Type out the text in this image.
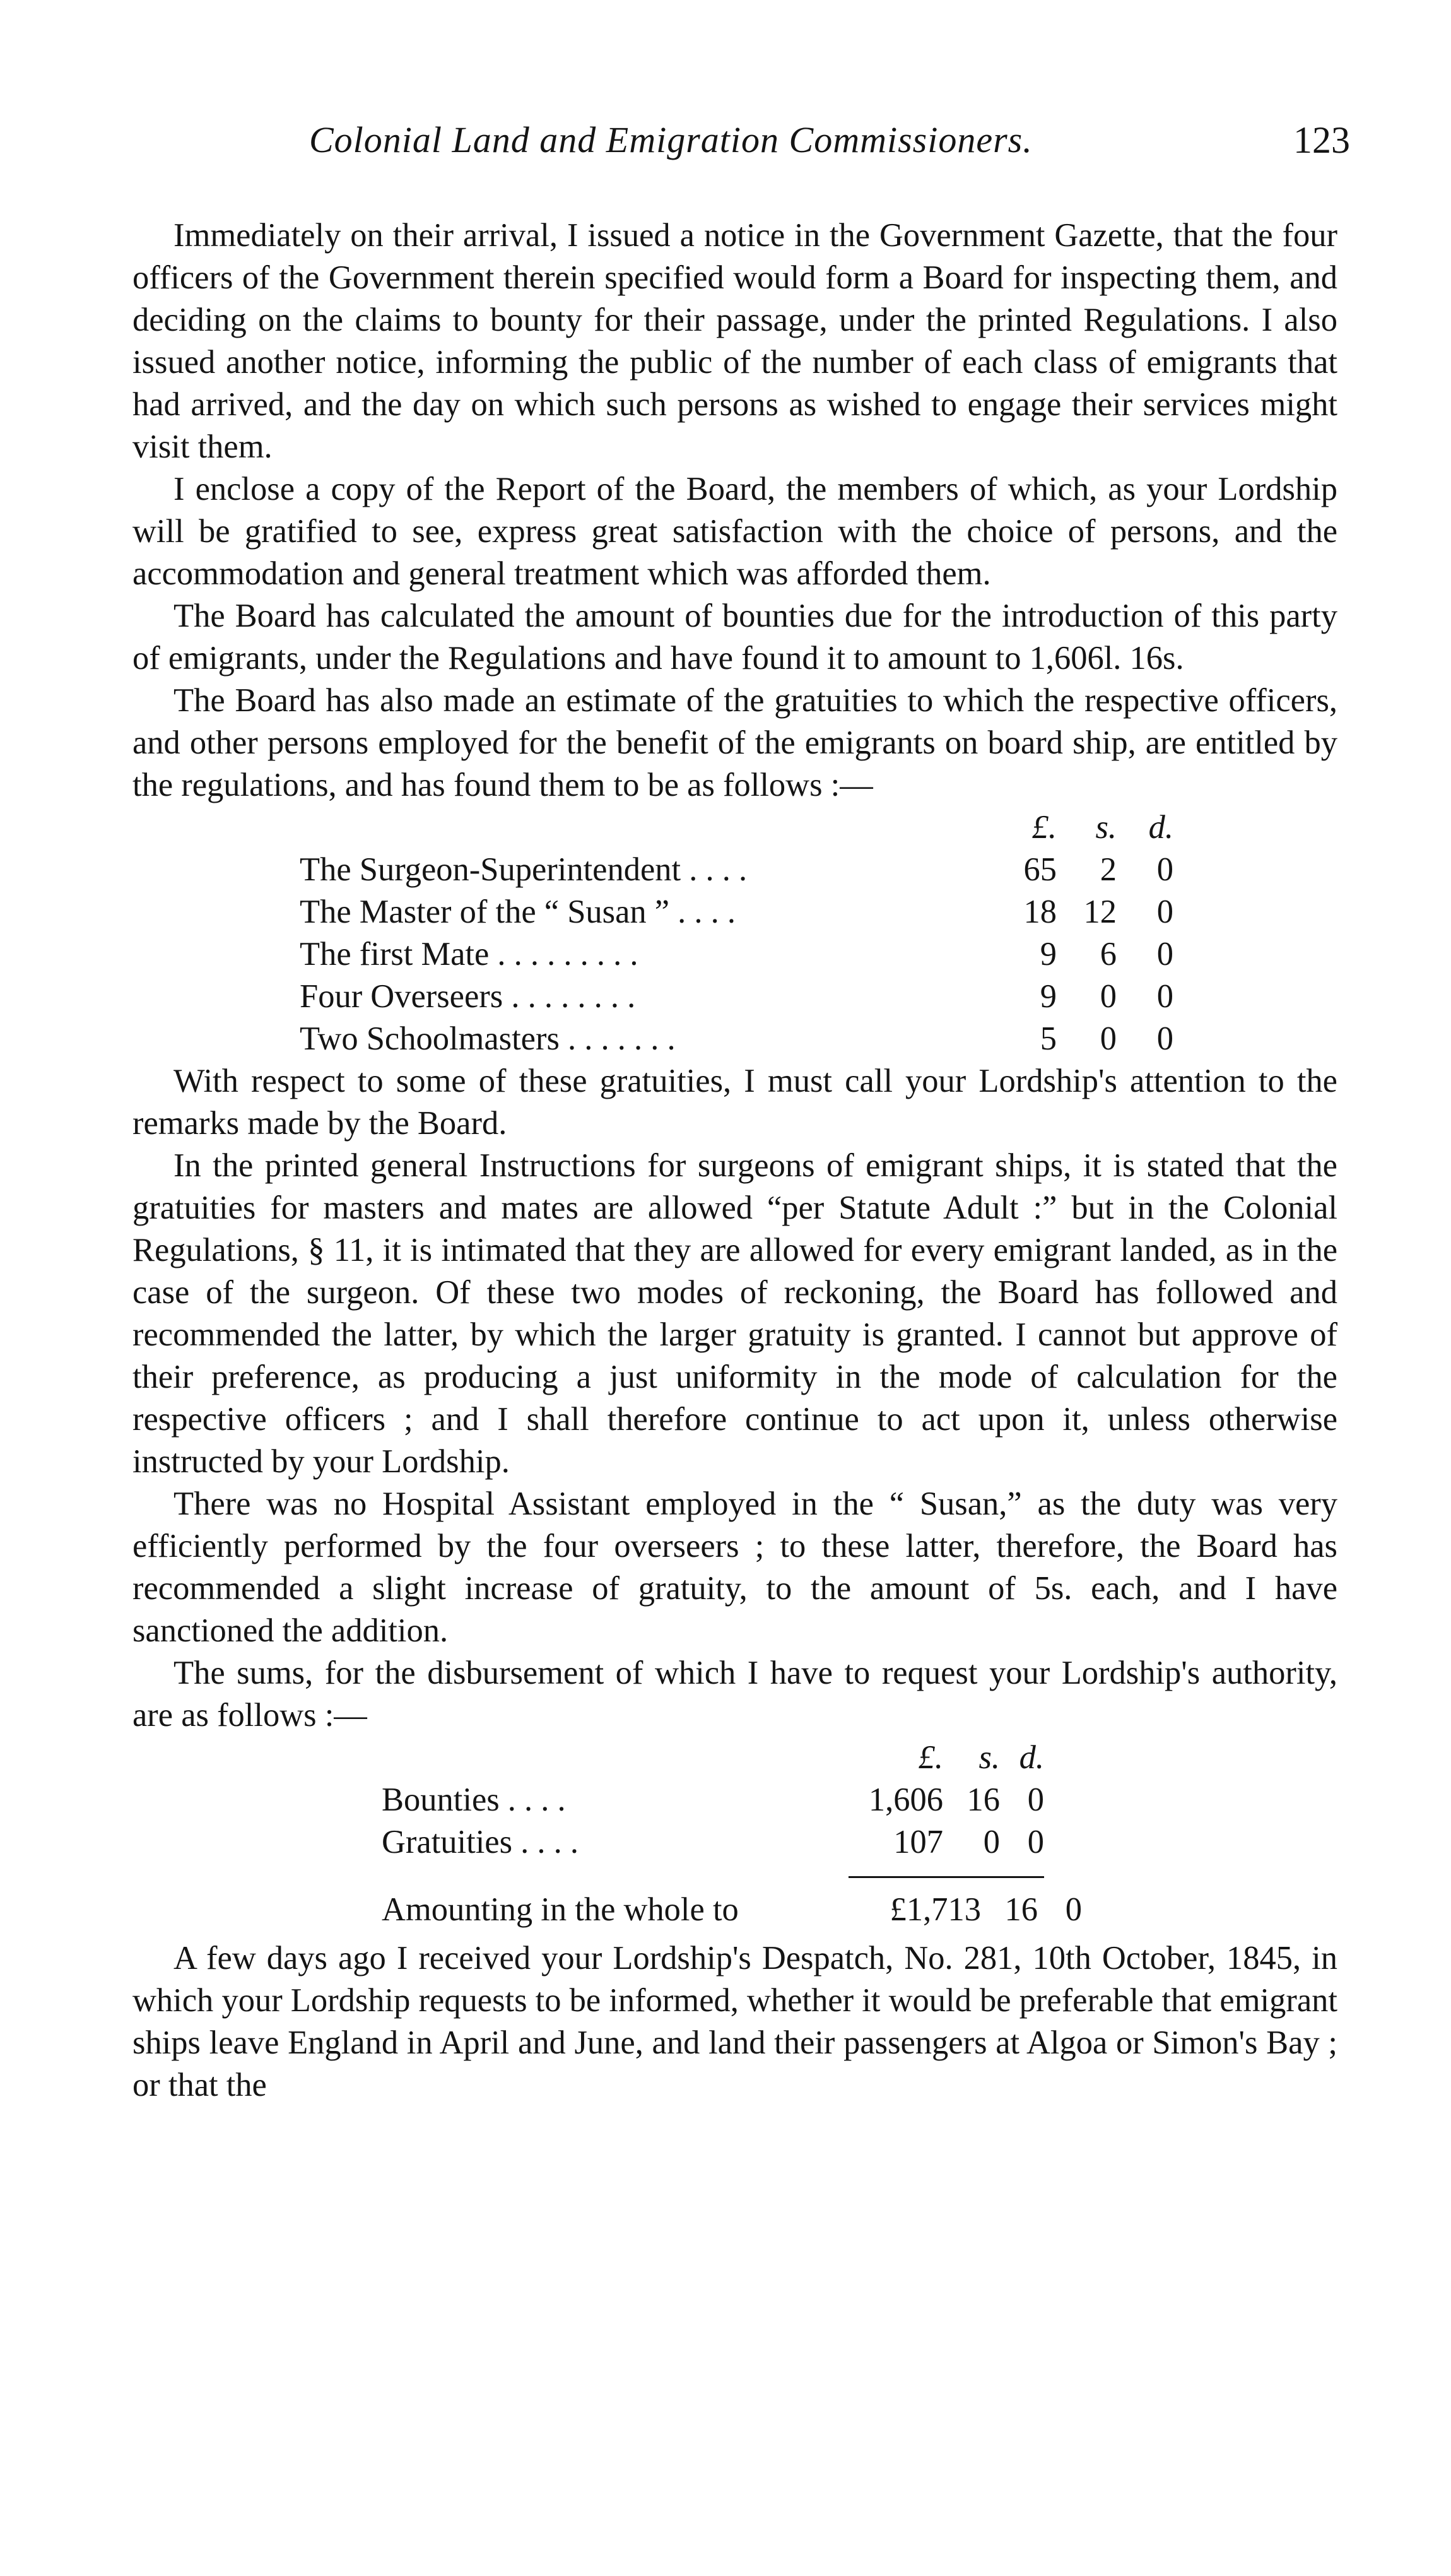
Colonial Land and Emigration Commissioners.	123

Immediately on their arrival, I issued a notice in the Government Gazette, that the four officers of the Government therein specified would form a Board for inspecting them, and deciding on the claims to bounty for their passage, under the printed Regulations. I also issued another notice, informing the public of the number of each class of emigrants that had arrived, and the day on which such persons as wished to engage their services might visit them.

I enclose a copy of the Report of the Board, the members of which, as your Lordship will be gratified to see, express great satisfaction with the choice of persons, and the accommodation and general treatment which was afforded them.

The Board has calculated the amount of bounties due for the introduction of this party of emigrants, under the Regulations and have found it to amount to 1,606l. 16s.

The Board has also made an estimate of the gratuities to which the respective officers, and other persons employed for the benefit of the emigrants on board ship, are entitled by the regulations, and has found them to be as follows :—

	£.	s.	d.
The Surgeon-Superintendent . . . .	65	2	0
The Master of the “ Susan ” . . . .	18	12	0
The first Mate . . . . . . . . .	9	6	0
Four Overseers . . . . . . . .	9	0	0
Two Schoolmasters . . . . . . .	5	0	0

With respect to some of these gratuities, I must call your Lordship's attention to the remarks made by the Board.

In the printed general Instructions for surgeons of emigrant ships, it is stated that the gratuities for masters and mates are allowed “per Statute Adult :” but in the Colonial Regulations, § 11, it is intimated that they are allowed for every emigrant landed, as in the case of the surgeon. Of these two modes of reckoning, the Board has followed and recommended the latter, by which the larger gratuity is granted. I cannot but approve of their preference, as producing a just uniformity in the mode of calculation for the respective officers ; and I shall therefore continue to act upon it, unless otherwise instructed by your Lordship.

There was no Hospital Assistant employed in the “ Susan,” as the duty was very efficiently performed by the four overseers ; to these latter, therefore, the Board has recommended a slight increase of gratuity, to the amount of 5s. each, and I have sanctioned the addition.

The sums, for the disbursement of which I have to request your Lordship's authority, are as follows :—

	£.	s.	d.
Bounties . . . .	1,606	16	0
Gratuities . . . .	107	0	0

Amounting in the whole to	£1,713	16	0

A few days ago I received your Lordship's Despatch, No. 281, 10th October, 1845, in which your Lordship requests to be informed, whether it would be preferable that emigrant ships leave England in April and June, and land their passengers at Algoa or Simon's Bay ; or that the
